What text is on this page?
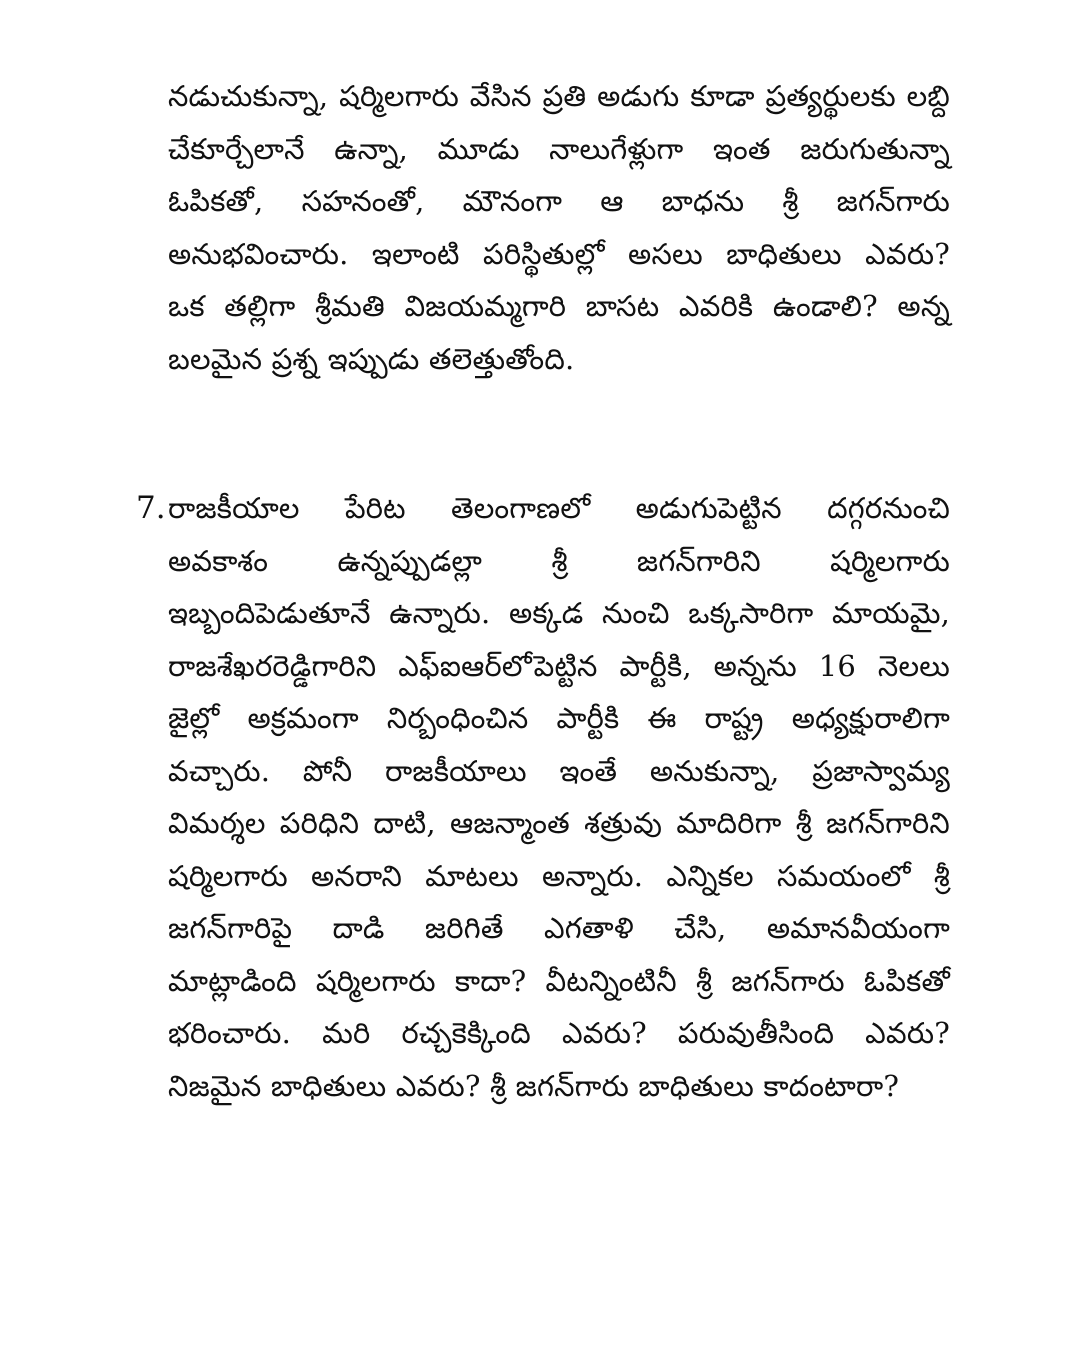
నడుచుకున్నా, షర్మిలగారు వేసిన ప్రతి అడుగు కూడా ప్రత్యర్థులకు లబ్ది
చేకూర్చేలానే ఉన్నా, మూడు నాలుగేళ్లుగా ఇంత జరుగుతున్నా
ఓపికతో, సహనంతో, మౌనంగా ఆ బాధను శ్రీ జగన్‌గారు
అనుభవించారు. ఇలాంటి పరిస్థితుల్లో అసలు బాధితులు ఎవరు?
ఒక తల్లిగా శ్రీమతి విజయమ్మగారి బాసట ఎవరికి ఉండాలి? అన్న
బలమైన ప్రశ్న ఇప్పుడు తలెత్తుతోంది.
7. రాజకీయాల పేరిట తెలంగాణలో అడుగుపెట్టిన దగ్గరనుంచి
అవకాశం ఉన్నప్పుడల్లా శ్రీ జగన్‌గారిని షర్మిలగారు
ఇబ్బందిపెడుతూనే ఉన్నారు. అక్కడ నుంచి ఒక్కసారిగా మాయమై,
రాజశేఖరరెడ్డిగారిని ఎఫ్ఐఆర్‌లోపెట్టిన పార్టీకి, అన్నను 16 నెలలు
జైల్లో అక్రమంగా నిర్బంధించిన పార్టీకి ఈ రాష్ట్ర అధ్యక్షురాలిగా
వచ్చారు. పోనీ రాజకీయాలు ఇంతే అనుకున్నా, ప్రజాస్వామ్య
విమర్శల పరిధిని దాటి, ఆజన్మాంత శత్రువు మాదిరిగా శ్రీ జగన్‌గారిని
షర్మిలగారు అనరాని మాటలు అన్నారు. ఎన్నికల సమయంలో శ్రీ
జగన్‌గారిపై దాడి జరిగితే ఎగతాళి చేసి, అమానవీయంగా
మాట్లాడింది షర్మిలగారు కాదా? వీటన్నింటినీ శ్రీ జగన్‌గారు ఓపికతో
భరించారు. మరి రచ్చకెక్కింది ఎవరు? పరువుతీసింది ఎవరు?
నిజమైన బాధితులు ఎవరు? శ్రీ జగన్‌గారు బాధితులు కాదంటారా?
